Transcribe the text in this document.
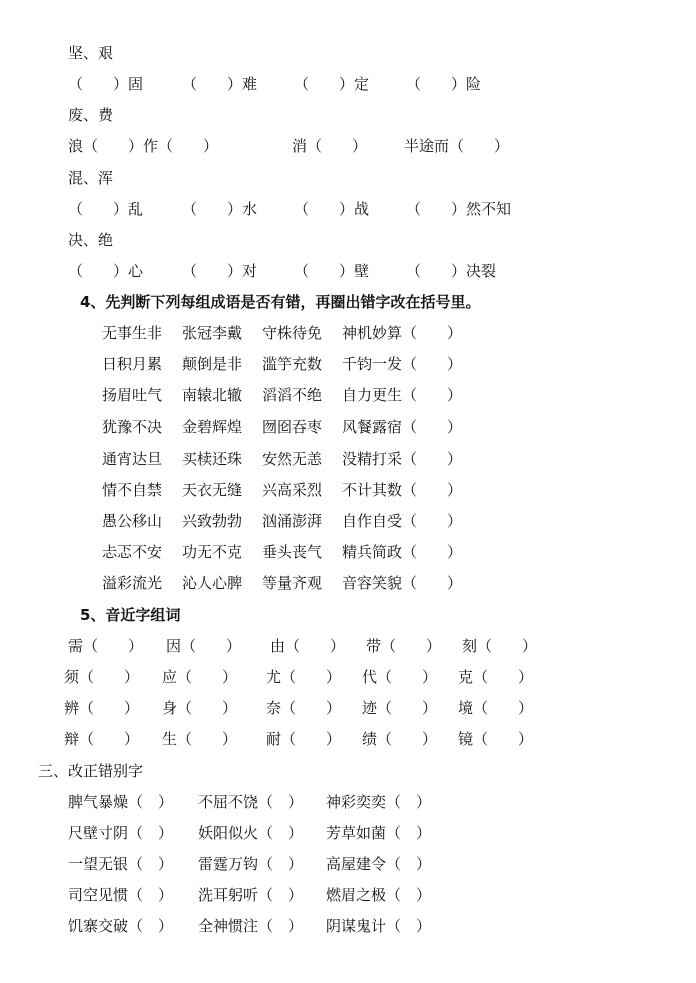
坚、艰
（　　）固	（　　）难 （　　）定 （　　）险
废、费
浪（　　）作（　　）	消（　　） 半途而（　　）
混、浑
（　　）乱	（　　）水 （　　）战 （　　）然不知
决、绝
（　　）心	（　　）对 （　　）壁 （　　）决裂
4、先判断下列每组成语是否有错，再圈出错字改在括号里。
无事生非 张冠李戴 守株待免 神机妙算（　　）
日积月累 颠倒是非 滥竽充数 千钧一发（　　）
扬眉吐气 南辕北辙 滔滔不绝 自力更生（　　）
犹豫不决 金碧辉煌 囫囵吞枣 风餐露宿（　　）
通宵达旦 买椟还珠 安然无恙 没精打采（　　）
情不自禁 天衣无缝 兴高采烈 不计其数（　　）
愚公移山 兴致勃勃 汹涌澎湃 自作自受（　　）
忐忑不安 功无不克 垂头丧气 精兵简政（　　）
溢彩流光 沁人心脾 等量齐观 音容笑貌（　　）
5、音近字组词
需（　　） 因（　　） 由（　　） 带（　　） 刻（　　）
须（　　） 应（　　） 尤（　　） 代（　　） 克（　　）
辨（　　） 身（　　） 奈（　　） 迹（　　） 境（　　）
辩（　　） 生（　　） 耐（　　） 绩（　　） 镜（　　）
三、改正错别字
脾气暴燥（　） 不屈不饶（　） 神彩奕奕（　）
尺壁寸阴（　） 妖阳似火（　） 芳草如菌（　）
一望无银（　） 雷霆万钩（　） 高屋建令（　）
司空见惯（　） 洗耳躬听（　） 燃眉之极（　）
饥寨交破（　） 全神惯注（　） 阴谋鬼计（　）
